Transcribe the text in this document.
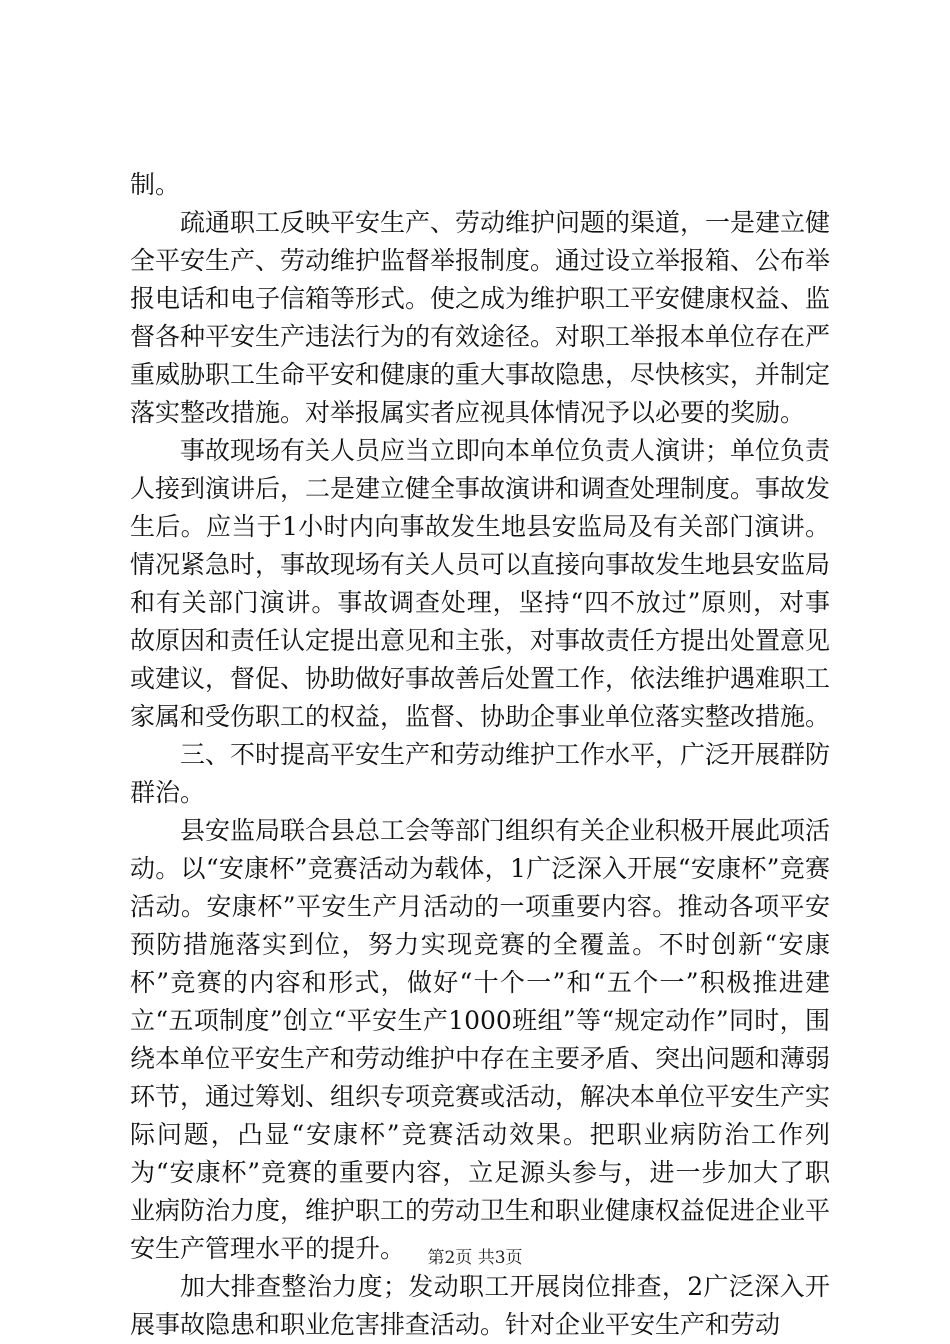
制。

疏通职工反映平安生产、劳动维护问题的渠道，一是建立健全平安生产、劳动维护监督举报制度。通过设立举报箱、公布举报电话和电子信箱等形式。使之成为维护职工平安健康权益、监督各种平安生产违法行为的有效途径。对职工举报本单位存在严重威胁职工生命平安和健康的重大事故隐患，尽快核实，并制定落实整改措施。对举报属实者应视具体情况予以必要的奖励。

事故现场有关人员应当立即向本单位负责人演讲；单位负责人接到演讲后，二是建立健全事故演讲和调查处理制度。事故发生后。应当于1小时内向事故发生地县安监局及有关部门演讲。情况紧急时，事故现场有关人员可以直接向事故发生地县安监局和有关部门演讲。事故调查处理，坚持“四不放过”原则，对事故原因和责任认定提出意见和主张，对事故责任方提出处置意见或建议，督促、协助做好事故善后处置工作，依法维护遇难职工家属和受伤职工的权益，监督、协助企事业单位落实整改措施。

三、不时提高平安生产和劳动维护工作水平，广泛开展群防群治。

县安监局联合县总工会等部门组织有关企业积极开展此项活动。以“安康杯”竞赛活动为载体，1广泛深入开展“安康杯”竞赛活动。安康杯”平安生产月活动的一项重要内容。推动各项平安预防措施落实到位，努力实现竞赛的全覆盖。不时创新“安康杯”竞赛的内容和形式，做好“十个一”和“五个一”积极推进建立“五项制度”创立“平安生产1000班组”等“规定动作”同时，围绕本单位平安生产和劳动维护中存在主要矛盾、突出问题和薄弱环节，通过筹划、组织专项竞赛或活动，解决本单位平安生产实际问题，凸显“安康杯”竞赛活动效果。把职业病防治工作列为“安康杯”竞赛的重要内容，立足源头参与，进一步加大了职业病防治力度，维护职工的劳动卫生和职业健康权益促进企业平安生产管理水平的提升。

加大排查整治力度；发动职工开展岗位排查，2广泛深入开展事故隐患和职业危害排查活动。针对企业平安生产和劳动

第2页 共3页
